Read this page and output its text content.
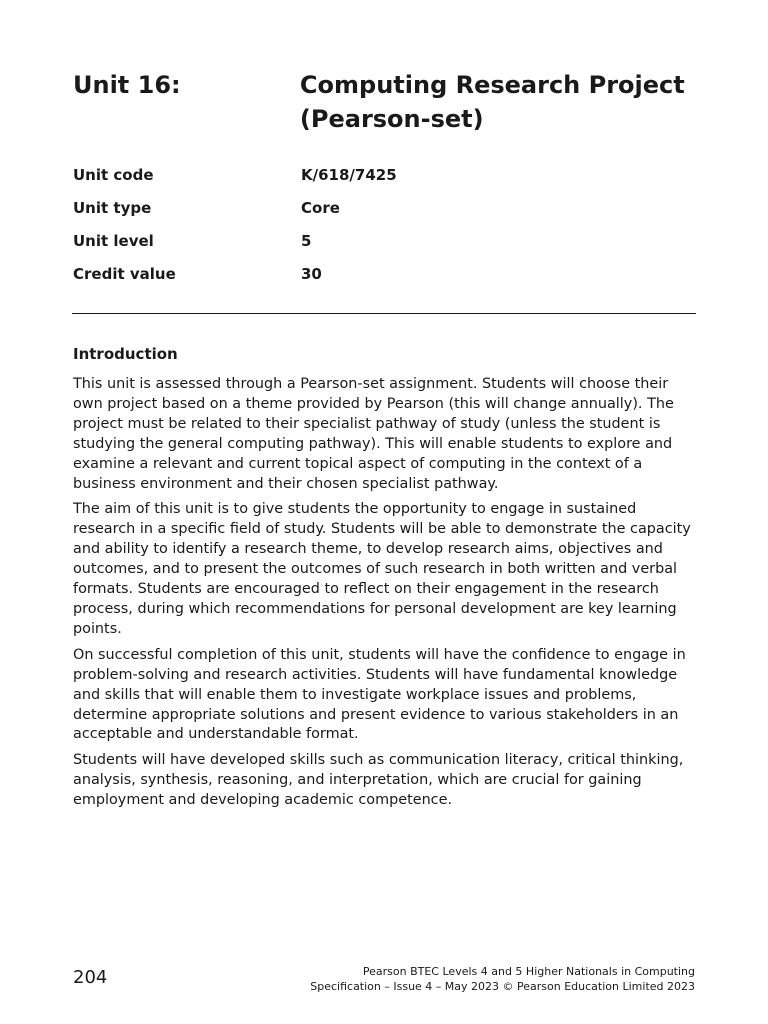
Unit 16:	Computing Research Project (Pearson-set)
Unit code	K/618/7425
Unit type	Core
Unit level	5
Credit value	30
Introduction

This unit is assessed through a Pearson-set assignment. Students will choose their own project based on a theme provided by Pearson (this will change annually). The project must be related to their specialist pathway of study (unless the student is studying the general computing pathway). This will enable students to explore and examine a relevant and current topical aspect of computing in the context of a business environment and their chosen specialist pathway.

The aim of this unit is to give students the opportunity to engage in sustained research in a specific field of study. Students will be able to demonstrate the capacity and ability to identify a research theme, to develop research aims, objectives and outcomes, and to present the outcomes of such research in both written and verbal formats. Students are encouraged to reflect on their engagement in the research process, during which recommendations for personal development are key learning points.

On successful completion of this unit, students will have the confidence to engage in problem-solving and research activities. Students will have fundamental knowledge and skills that will enable them to investigate workplace issues and problems, determine appropriate solutions and present evidence to various stakeholders in an acceptable and understandable format.

Students will have developed skills such as communication literacy, critical thinking, analysis, synthesis, reasoning, and interpretation, which are crucial for gaining employment and developing academic competence.

204	Pearson BTEC Levels 4 and 5 Higher Nationals in Computing
Specification – Issue 4 – May 2023 © Pearson Education Limited 2023
